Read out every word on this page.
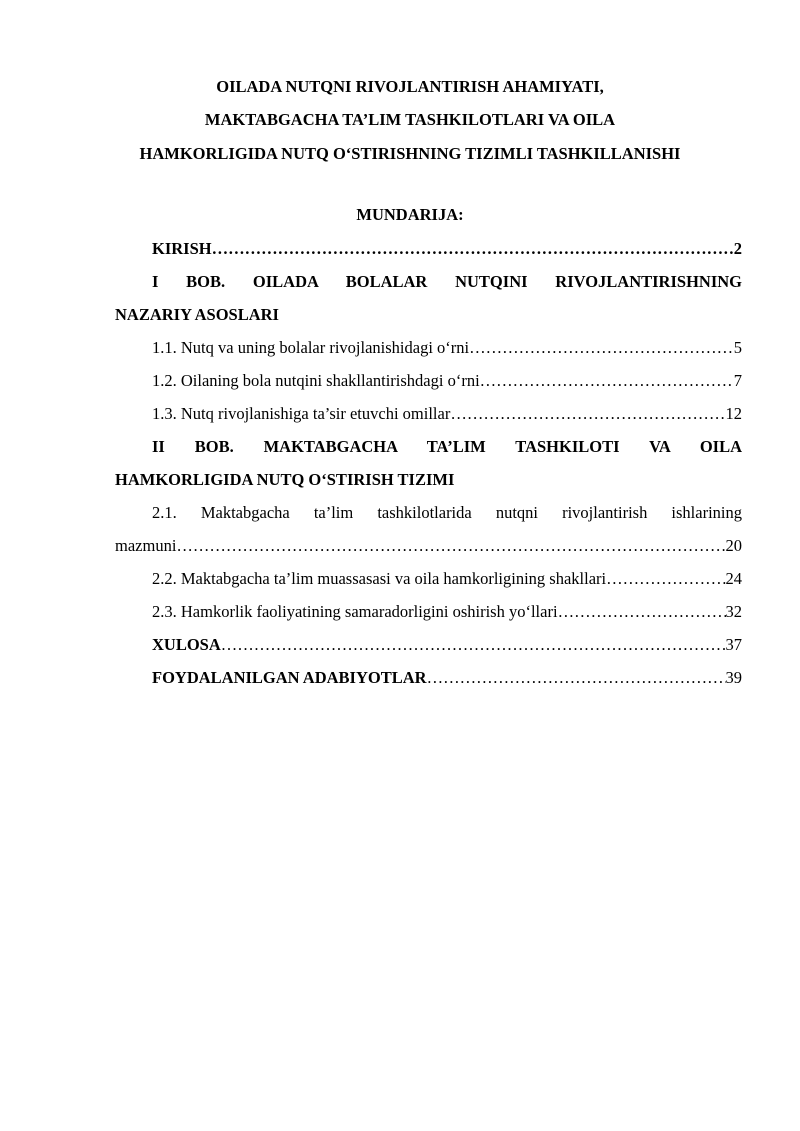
OILADA NUTQNI RIVOJLANTIRISH AHAMIYATI,
MAKTABGACHA TA’LIM TASHKILOTLARI VA OILA
HAMKORLIGIDA NUTQ O‘STIRISHNING TIZIMLI TASHKILLANISHI
MUNDARIJA:
KIRISH ……………………………………………………………………………………………………………………………………………………………………	2
I BOB. OILADA BOLALAR NUTQINI RIVOJLANTIRISHNING
NAZARIY ASOSLARI
1.1. Nutq va uning bolalar rivojlanishidagi o‘rni ……………………………………………………………………………………………………………………………………………………………………	5
1.2. Oilaning bola nutqini shakllantirishdagi o‘rni ……………………………………………………………………………………………………………………………………………………………………	7
1.3. Nutq rivojlanishiga ta’sir etuvchi omillar ……………………………………………………………………………………………………………………………………………………………………	12
II BOB. MAKTABGACHA TA’LIM TASHKILOTI VA OILA
HAMKORLIGIDA NUTQ O‘STIRISH TIZIMI
2.1. Maktabgacha ta’lim tashkilotlarida nutqni rivojlantirish ishlarining
mazmuni ……………………………………………………………………………………………………………………………………………………………………	20
2.2. Maktabgacha ta’lim muassasasi va oila hamkorligining shakllari ……………………………………………………………………………………………………………………………………………………………………	24
2.3. Hamkorlik faoliyatining samaradorligini oshirish yo‘llari ……………………………………………………………………………………………………………………………………………………………………	32
XULOSA ……………………………………………………………………………………………………………………………………………………………………	37
FOYDALANILGAN ADABIYOTLAR ……………………………………………………………………………………………………………………………………………………………………	39
